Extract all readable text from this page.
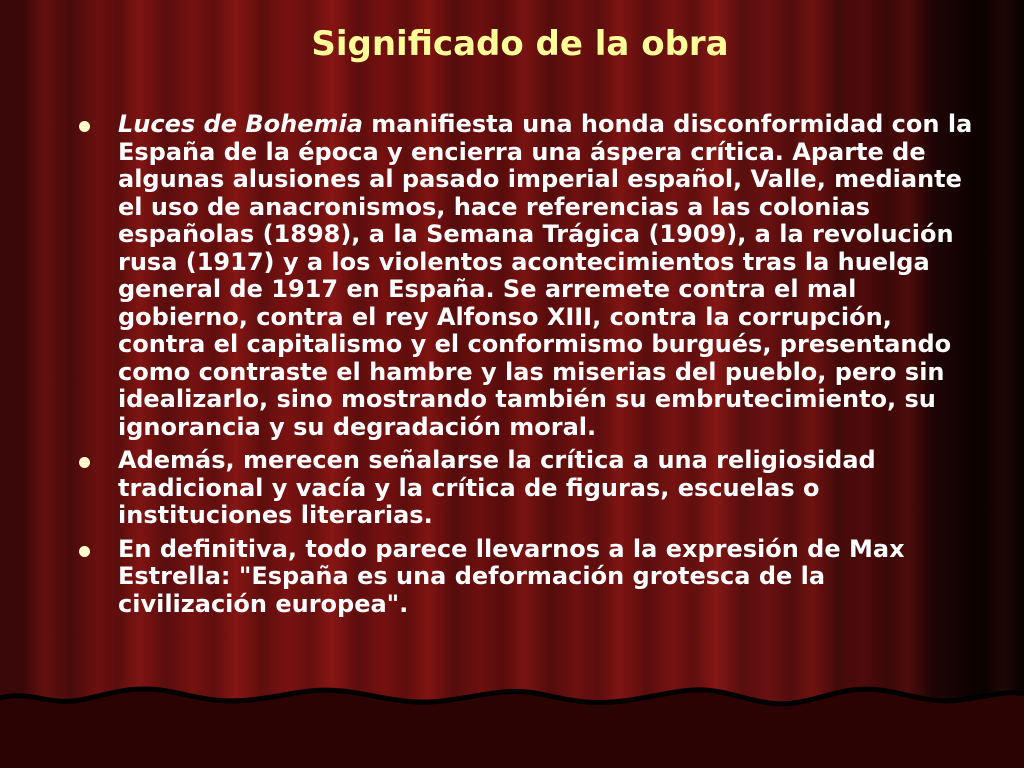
Significado de la obra
Luces de Bohemia manifiesta una honda disconformidad con la España de la época y encierra una áspera crítica. Aparte de algunas alusiones al pasado imperial español, Valle, mediante el uso de anacronismos, hace referencias a las colonias españolas (1898), a la Semana Trágica (1909), a la revolución rusa (1917) y a los violentos acontecimientos tras la huelga general de 1917 en España. Se arremete contra el mal gobierno, contra el rey Alfonso XIII, contra la corrupción, contra el capitalismo y el conformismo burgués, presentando como contraste el hambre y las miserias del pueblo, pero sin idealizarlo, sino mostrando también su embrutecimiento, su ignorancia y su degradación moral.
Además, merecen señalarse la crítica a una religiosidad tradicional y vacía y la crítica de figuras, escuelas o instituciones literarias.
En definitiva, todo parece llevarnos a la expresión de Max Estrella: "España es una deformación grotesca de la civilización europea".
